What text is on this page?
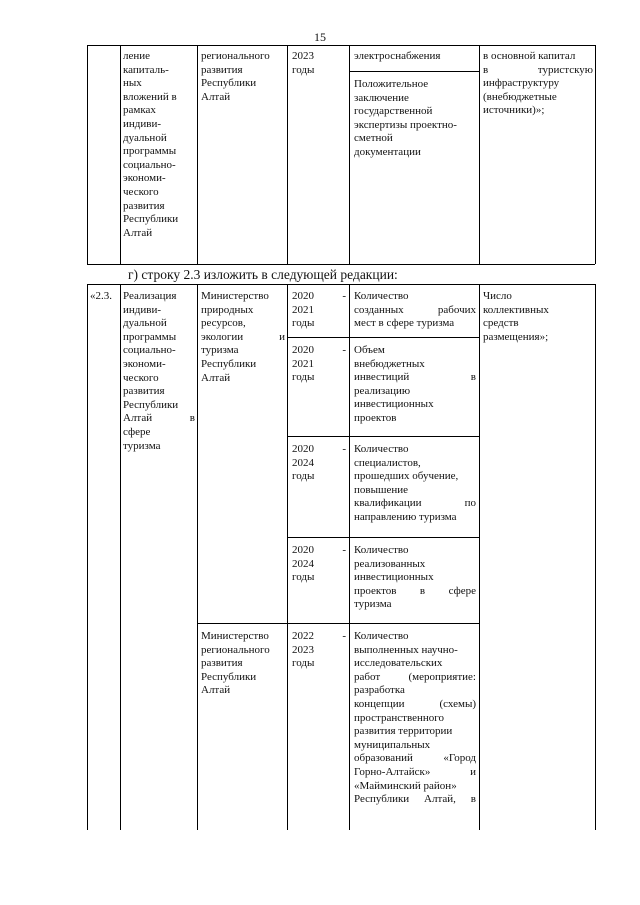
15
ление
капиталь-
ных
вложений в
рамках
индиви-
дуальной
программы
социально-
экономи-
ческого
развития
Республики
Алтай
регионального
развития
Республики
Алтай
2023
годы
электроснабжения
Положительное
заключение
государственной
экспертизы проектно-
сметной
документации
в основной капитал
в туристскую
инфраструктуру
(внебюджетные
источники)»;
г) строку 2.3 изложить в следующей редакции:
«2.3.	Реализация
индиви-
дуальной
программы
социально-
экономи-
ческого
развития
Республики
Алтай в
сфере
туризма
Министерство
природных
ресурсов,
экологии и
туризма
Республики
Алтай
Министерство
регионального
развития
Республики
Алтай
Число
коллективных
средств
размещения»;
2020 -
2021
годы
Количество
созданных рабочих
мест в сфере туризма
2020 -
2021
годы
Объем
внебюджетных
инвестиций в
реализацию
инвестиционных
проектов
2020 -
2024
годы
Количество
специалистов,
прошедших обучение,
повышение
квалификации по
направлению туризма
2020 -
2024
годы
Количество
реализованных
инвестиционных
проектов в сфере
туризма
2022 -
2023
годы
Количество
выполненных научно-
исследовательских
работ (мероприятие:
разработка
концепции (схемы)
пространственного
развития территории
муниципальных
образований «Город
Горно-Алтайск» и
«Майминский район»
Республики Алтай, в
